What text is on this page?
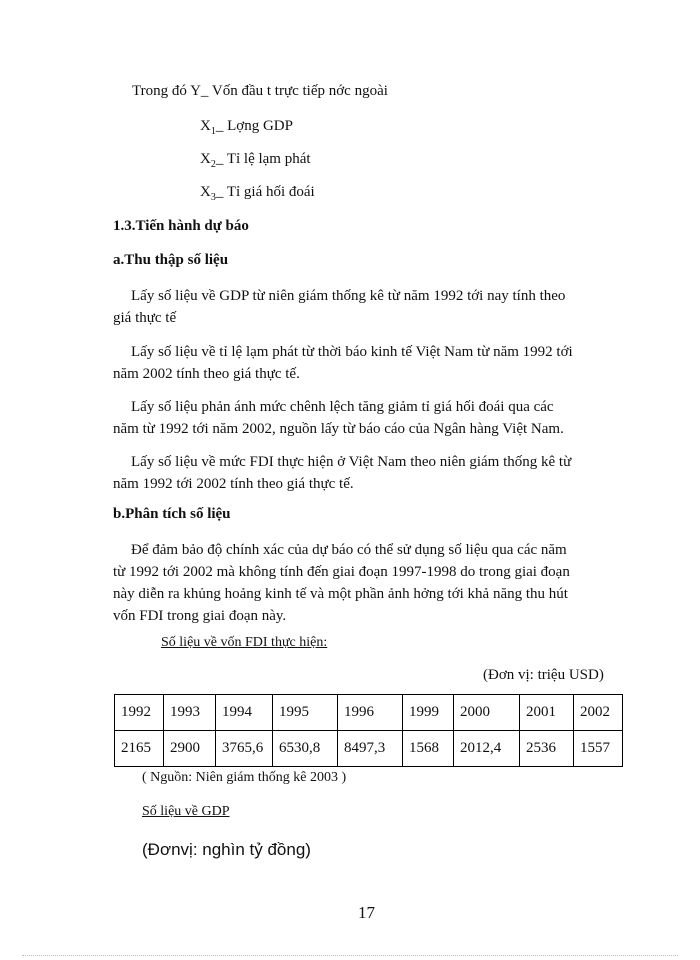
Trong đó Y_ Vốn đầu t trực tiếp nớc ngoài
$X_1\_$ Lợng GDP
$X_2\_$ Tỉ lệ lạm phát
$X_3\_$ Tỉ giá hối đoái
1.3.Tiến hành dự báo
a.Thu thập số liệu
Lấy số liệu về GDP từ niên giám thống kê từ năm 1992 tới nay tính theo
giá thực tế
Lấy số liệu về tỉ lệ lạm phát từ thời báo kinh tế Việt Nam từ năm 1992 tới
năm 2002 tính theo giá thực tế.
Lấy số liệu phản ánh mức chênh lệch tăng giảm tỉ giá hối đoái qua các
năm từ 1992 tới năm 2002, nguồn lấy từ báo cáo của Ngân hàng Việt Nam.
Lấy số liệu về mức FDI thực hiện ở Việt Nam theo niên giám thống kê từ
năm 1992 tới 2002 tính theo giá thực tế.
b.Phân tích số liệu
Để đảm bảo độ chính xác của dự báo có thể sử dụng số liệu qua các năm
từ 1992 tới 2002 mà không tính đến giai đoạn 1997-1998 do trong giai đoạn
này diễn ra khủng hoảng kinh tế và một phần ảnh hởng tới khả năng thu hút
vốn FDI trong giai đoạn này.
Số liệu về vốn FDI thực hiện:
(Đơn vị: triệu USD)
1992	1993	1994	1995	1996	1999	2000	2001	2002
2165	2900	3765,6	6530,8	8497,3	1568	2012,4	2536	1557
( Nguồn: Niên giám thống kê 2003 )
Số liệu về GDP
(Đơnvị: nghìn tỷ đồng)
17
